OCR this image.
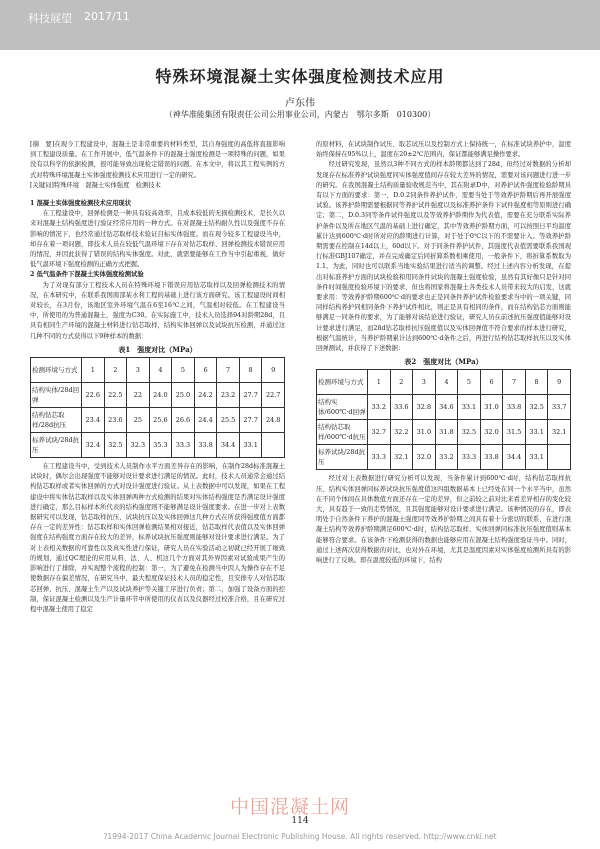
科技展望 2017/11
特殊环境混凝土实体强度检测技术应用
卢东伟
（神华准能集团有限责任公司公用事业公司，内蒙古　鄂尔多斯　010300）

[摘　要]在现今工程建设中，混凝土是非常重要的材料类型，其自身强度的高低将直接影响到工程建设质量。在工作开展中，低气温条件下的混凝土强度检测是一项特殊的问题，如果没有以科学的依据检测，很可能导致出现检定错误的问题。在本文中，将以其工程实例的方式对特殊环境混凝土实体强度检测技术应用进行一定的研究。

[关键词]特殊环境　混凝土实体强度　检测技术

1 混凝土实体强度检测技术应用现状

在工程建设中，回弹检测是一种具有较高效率，且成本较低的无损检测技术，是长久以来对混凝土结构强度进行验证经常应用的一种方式。在对混凝土结构耐久性以及强度不存在影响的情况下，也经常通过钻芯取样技术验证目标实体强度。而在现今较多工程建设当中，却存在着一项问题，即技术人员在较低气温环境下存在对钻芯取样、回弹检测技术错误应用的情况，并因此获得了错误的结构实体强度。对此，就需要能够在工作当中引起重视，做好低气温环境下强度检测的正确方式把握。

2 低气温条件下混凝土实体强度检测试验

为了对现有部分工程技术人员在特殊环境下错误应用钻芯取样以及回弹检测技术的情况，在本研究中，在联系我国南部某水利工程的基础上进行该方面研究。该工程建设时间相对较长，在3月份，该地区室外环境气温在6至16℃之间，气温相对较低。在工程建设当中，所使用的为普通混凝土，强度为C30。在实际施工中，技术人员选择94对龄期28d，且具有相同生产环境的混凝土材料进行钻芯取样，结构实体回弹以及试块抗压检测，并通过这几种不同的方式获得以下9种样本的数据：

表1　强度对比（MPa）
检测环境与方式	1	2	3	4	5	6	7	8	9
结构实体/28d回弹	22.6	22.5	22	24.0	25.0	24.2	23.2	27.7	22.7
结构钻芯取样/28d抗压	23.4	23.6	25	25.6	26.6	24.4	25.5	27.7	24.8
标养试块/28d抗压	32.4	32.5	32.3	35.3	33.3	33.8	34.4	33.1	

在工程建设当中，受到技术人员制作水平方面差异存在的影响，在制作28d标准混凝土试块时，偶尔会出现强度不能够对设计要求进行满足的情况。此时，技术人员通常会通过结构钻芯取样或者实体回弹的方式对设计强度进行验证。从上表数据中可以发现，如果在工程建设中将实体钻芯取样以及实体回弹两种方式检测的结果对实体结构强度是否满足设计强度进行确定，那么目标样本所代表的结构强度则不能够满足设计强度要求。在进一步对上表数据研究可以发现，钻芯取样抗压、试块抗压以及实体回弹这几种方式在所获得强度值方面都存在一定的差异性：钻芯取样和实体回弹检测结果相对接近，钻芯取样代表值以及实体回弹强度在结构强度方面存在较大的差异，标养试块抗压强度则能够对设计要求进行满足。为了对上表相关数据的可靠性以及真实性进行保证，研究人员在实验活动之初就已经开展了细致的规划，通过QC理论的应用从料、法、人、机这几个方面对其外界因素对试验成果产生的影响进行了排除，并实现整个流程的控制：第一，为了避免在检测当中因人为操作存在不足使数据存在偏差情况，在研究当中，最大程度保证技术人员的稳定性，且安排专人对钻芯取芯回弹、抗压、混凝土生产以及试块养护等关键工序进行负责；第二，加强了设备方面的控制，保证混凝土检测以及生产计量环节中所使用的仪表以及仪器经过校准合格，且在研究过程中混凝土使用了稳定

的原材料，在试块制作试压、取芯试压以及控制方式上保持统一，在标准试块养护中，温度始终保持在95%以上，温度在20±2℃范围内，保证都能够满足操作要求。

经过研究发现，虽然以3种不同方式的样本龄期都达到了28d，但经过对数据的分析却发现存在标准养护试块强度同实体强度值间存在较大差异的情况，需要对该问题进行进一步的研究。在我国混凝土结构质量验收规范当中，其在附录D中，对养护试件强度检验龄期具有以下方面的要求：第一，D.0.2同条件养护试件，需要当处于等效养护龄期后再开展强度试验。该养护龄期需要根据同等养护试件强度以及标准养护条件下试件强度相等原则进行确定；第二，D.0.3同等条件试件强度以及等效养护龄期作为代表值，需要在充分联系实际养护条件以及所在地区气温的基础上进行确定，其中等效养护龄期方面，可以按照日平均温度累计达到600℃·d时所对应的龄期进行计算，对于处于0℃以下的不需要计入。等效养护龄期需要在控制在14d以上，60d以下。对于同条件养护试件，其强度代表值需要联系我国现行标准GBJ107确定，并在完成确定后同折算系数相乘使用，一般条件下，将折算系数取为1.1。为此，同时也可以联系当地实验结果进行适当的调整。经过上述内容分析发现，在提出对标准养护方面的试块检验和用同条件试块的混凝土强度检验，虽然有其好像只是针对同条件时间强度检验环境下的要求，但也将国家将混凝土各类技术人员带来较大的启发，这就要求用：等效养护龄期600℃·d的要求也正是同条件养护试件检验要求当中的一项关键，同同样结构养护同相同条件下养护试件相比，则正是具有相同的条件，而在结构钻芯方面则能够满足一同条件的要求，为了能够对该结论进行验证，研究人员在前述抗压强度值能够对设计要求进行满足，而28d钻芯取样抗压强度值以及实体回弹值不符合要求的样本进行研究，根据气温统计，当养护龄期累计达到600℃·d条件之后，再进行结构钻芯取样抗压以及实体回弹测试，并获得了下述数据：

表2　强度对比（MPa）
检测环境与方式	1	2	3	4	5	6	7	8	9
结构实体/600℃·d回弹	33.2	33.6	32.8	34.6	33.1	31.0	33.8	32.5	33.7
结构钻芯取样/600℃·d抗压	32.7	32.2	31.0	31.8	32.5	32.0	31.5	33.1	32.1
标养试块/28d抗压	33.3	32.1	32.0	33.2	33.3	33.8	34.4	33.1	

经过对上表数据进行研究分析可以发现，当条件累计到600℃·d时，结构钻芯取样抗压、结构实体回弹同标养试块抗压强度值这四组数据基本上已经处在同一个水平当中，虽然在不同个体间在具体数值方面还存在一定的差异，但之前较之前对比来看差异相存的变化较大，具有趋于一致的走势情况，且其强度能够对设计要求进行满足。该种情况的存在，即表明处于自然条件下养护的混凝土强度同等效养护龄期之间具有着十分密切的联系，在进行混凝土结构等效养护龄期满足600℃·d时，结构钻芯取样、实体回弹同标准抗压强度值则基本能够符合要求。在该条件下检测获得的数据也能够应用在混凝土结构强度验证当中。同时，通过上述两次获得数据的对比，也对外在环境，尤其是温度因素对实体强度检测所具有的影响进行了反映。即在温度较低的环境下，结构

中国混凝土网
114
?1994-2017 China Academic Journal Electronic Publishing House. All rights reserved. http://www.cnki.net
